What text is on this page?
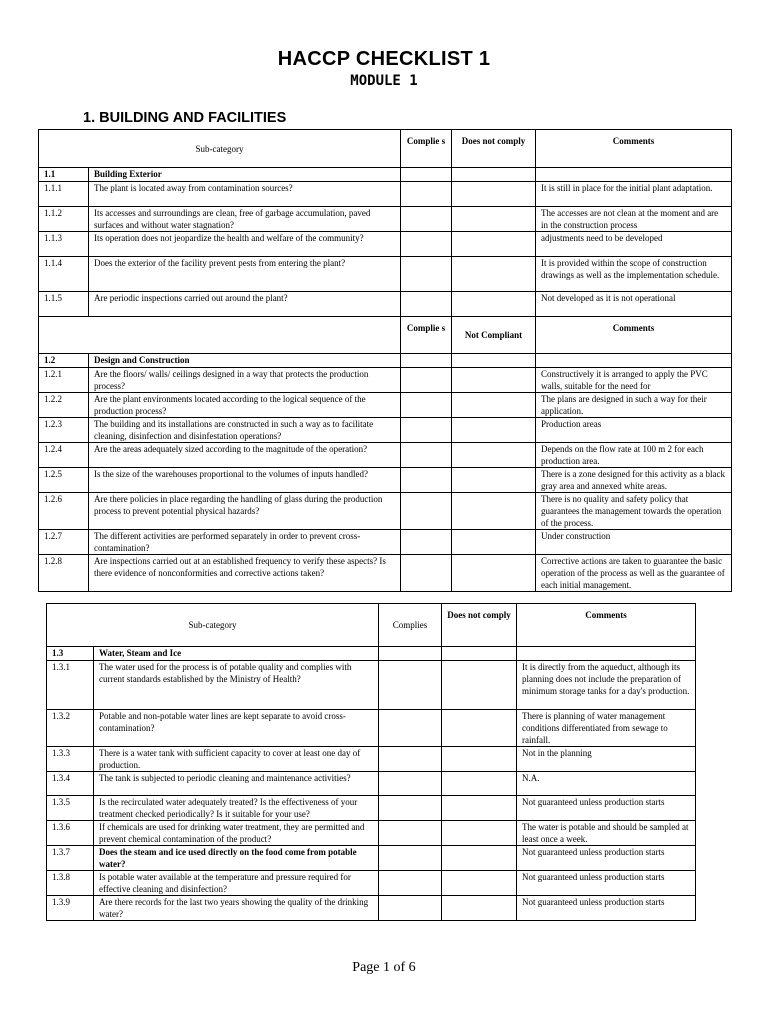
HACCP CHECKLIST 1
MODULE 1
1. BUILDING AND FACILITIES
Sub-category		Complie s	Does not comply	Comments
1.1	Building Exterior			
1.1.1	The plant is located away from contamination sources?			It is still in place for the initial plant adaptation.
1.1.2	Its accesses and surroundings are clean, free of garbage accumulation, paved surfaces and without water stagnation?			The accesses are not clean at the moment and are in the construction process
1.1.3	Its operation does not jeopardize the health and welfare of the community?			adjustments need to be developed
1.1.4	Does the exterior of the facility prevent pests from entering the plant?			It is provided within the scope of construction drawings as well as the implementation schedule.
1.1.5	Are periodic inspections carried out around the plant?			Not developed as it is not operational
		Complie s	Not Compliant	Comments
1.2	Design and Construction			
1.2.1	Are the floors/ walls/ ceilings designed in a way that protects the production process?			Constructively it is arranged to apply the PVC walls, suitable for the need for
1.2.2	Are the plant environments located according to the logical sequence of the production process?			The plans are designed in such a way for their application.
1.2.3	The building and its installations are constructed in such a way as to facilitate cleaning, disinfection and disinfestation operations?			Production areas
1.2.4	Are the areas adequately sized according to the magnitude of the operation?			Depends on the flow rate at 100 m 2 for each production area.
1.2.5	Is the size of the warehouses proportional to the volumes of inputs handled?			There is a zone designed for this activity as a black gray area and annexed white areas.
1.2.6	Are there policies in place regarding the handling of glass during the production process to prevent potential physical hazards?			There is no quality and safety policy that guarantees the management towards the operation of the process.
1.2.7	The different activities are performed separately in order to prevent cross-contamination?			Under construction
1.2.8	Are inspections carried out at an established frequency to verify these aspects? Is there evidence of nonconformities and corrective actions taken?			Corrective actions are taken to guarantee the basic operation of the process as well as the guarantee of each initial management.
Sub-category		Complies	Does not comply	Comments
1.3	Water, Steam and Ice			
1.3.1	The water used for the process is of potable quality and complies with current standards established by the Ministry of Health?			It is directly from the aqueduct, although its planning does not include the preparation of minimum storage tanks for a day's production.
1.3.2	Potable and non-potable water lines are kept separate to avoid cross-contamination?			There is planning of water management conditions differentiated from sewage to rainfall.
1.3.3	There is a water tank with sufficient capacity to cover at least one day of production.			Not in the planning
1.3.4	The tank is subjected to periodic cleaning and maintenance activities?			N.A.
1.3.5	Is the recirculated water adequately treated? Is the effectiveness of your treatment checked periodically? Is it suitable for your use?			Not guaranteed unless production starts
1.3.6	If chemicals are used for drinking water treatment, they are permitted and prevent chemical contamination of the product?			The water is potable and should be sampled at least once a week.
1.3.7	Does the steam and ice used directly on the food come from potable water?			Not guaranteed unless production starts
1.3.8	Is potable water available at the temperature and pressure required for effective cleaning and disinfection?			Not guaranteed unless production starts
1.3.9	Are there records for the last two years showing the quality of the drinking water?			Not guaranteed unless production starts
Page 1 of 6
